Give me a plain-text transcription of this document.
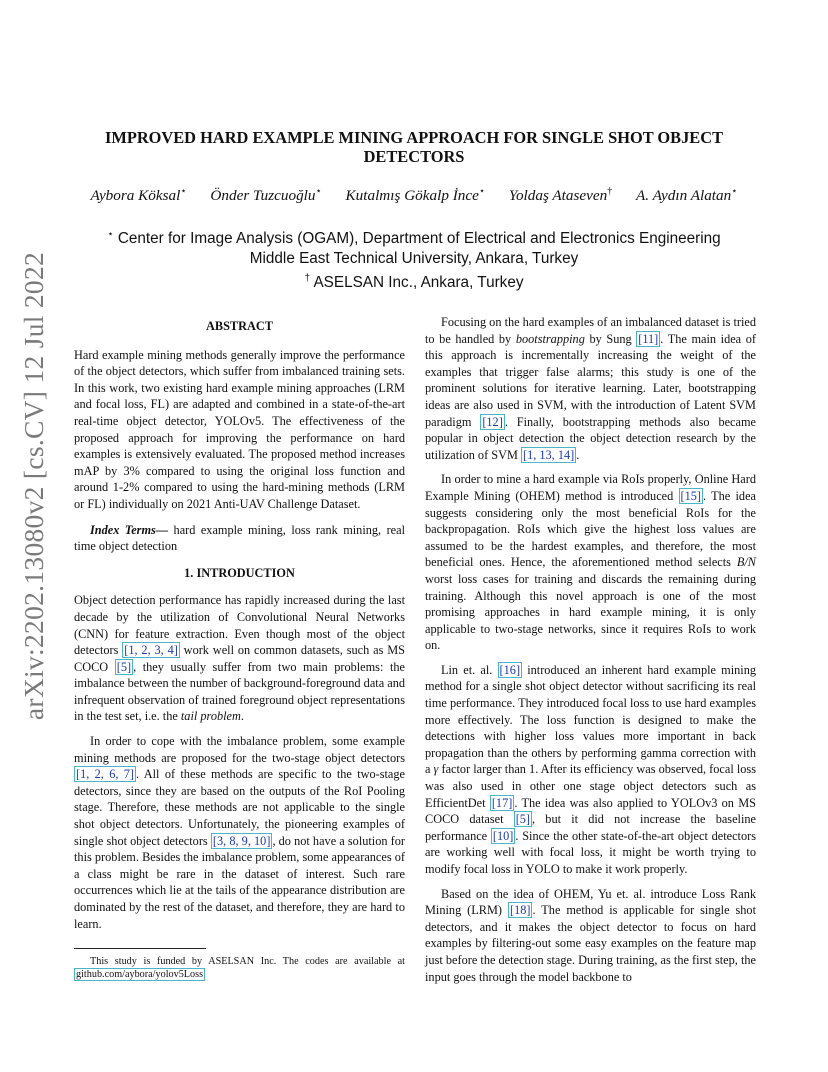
arXiv:2202.13080v2 [cs.CV] 12 Jul 2022
IMPROVED HARD EXAMPLE MINING APPROACH FOR SINGLE SHOT OBJECT DETECTORS
Aybora Köksal⋆ Önder Tuzcuoğlu⋆ Kutalmış Gökalp İnce⋆ Yoldaş Ataseven† A. Aydın Alatan⋆
⋆ Center for Image Analysis (OGAM), Department of Electrical and Electronics Engineering
Middle East Technical University, Ankara, Turkey
† ASELSAN Inc., Ankara, Turkey
ABSTRACT

Hard example mining methods generally improve the performance of the object detectors, which suffer from imbalanced training sets. In this work, two existing hard example mining approaches (LRM and focal loss, FL) are adapted and combined in a state-of-the-art real-time object detector, YOLOv5. The effectiveness of the proposed approach for improving the performance on hard examples is extensively evaluated. The proposed method increases mAP by 3% compared to using the original loss function and around 1-2% compared to using the hard-mining methods (LRM or FL) individually on 2021 Anti-UAV Challenge Dataset.

Index Terms— hard example mining, loss rank mining, real time object detection

1. INTRODUCTION

Object detection performance has rapidly increased during the last decade by the utilization of Convolutional Neural Networks (CNN) for feature extraction. Even though most of the object detectors [1, 2, 3, 4] work well on common datasets, such as MS COCO [5] , they usually suffer from two main problems: the imbalance between the number of background-foreground data and infrequent observation of trained foreground object representations in the test set, i.e. the tail problem.

In order to cope with the imbalance problem, some example mining methods are proposed for the two-stage object detectors [1, 2, 6, 7] . All of these methods are specific to the two-stage detectors, since they are based on the outputs of the RoI Pooling stage. Therefore, these methods are not applicable to the single shot object detectors. Unfortunately, the pioneering examples of single shot object detectors [3, 8, 9, 10] , do not have a solution for this problem. Besides the imbalance problem, some appearances of a class might be rare in the dataset of interest. Such rare occurrences which lie at the tails of the appearance distribution are dominated by the rest of the dataset, and therefore, they are hard to learn.

Focusing on the hard examples of an imbalanced dataset is tried to be handled by bootstrapping by Sung [11] . The main idea of this approach is incrementally increasing the weight of the examples that trigger false alarms; this study is one of the prominent solutions for iterative learning. Later, bootstrapping ideas are also used in SVM, with the introduction of Latent SVM paradigm [12] . Finally, bootstrapping methods also became popular in object detection the object detection research by the utilization of SVM [1, 13, 14] .

In order to mine a hard example via RoIs properly, Online Hard Example Mining (OHEM) method is introduced [15] . The idea suggests considering only the most beneficial RoIs for the backpropagation. RoIs which give the highest loss values are assumed to be the hardest examples, and therefore, the most beneficial ones. Hence, the aforementioned method selects B/N worst loss cases for training and discards the remaining during training. Although this novel approach is one of the most promising approaches in hard example mining, it is only applicable to two-stage networks, since it requires RoIs to work on.

Lin et. al. [16] introduced an inherent hard example mining method for a single shot object detector without sacrificing its real time performance. They introduced focal loss to use hard examples more effectively. The loss function is designed to make the detections with higher loss values more important in back propagation than the others by performing gamma correction with a γ factor larger than 1. After its efficiency was observed, focal loss was also used in other one stage object detectors such as EfficientDet [17] . The idea was also applied to YOLOv3 on MS COCO dataset [5] , but it did not increase the baseline performance [10] . Since the other state-of-the-art object detectors are working well with focal loss, it might be worth trying to modify focal loss in YOLO to make it work properly.

Based on the idea of OHEM, Yu et. al. introduce Loss Rank Mining (LRM) [18] . The method is applicable for single shot detectors, and it makes the object detector to focus on hard examples by filtering-out some easy examples on the feature map just before the detection stage. During training, as the first step, the input goes through the model backbone to

This study is funded by ASELSAN Inc. The codes are available at github.com/aybora/yolov5Loss
